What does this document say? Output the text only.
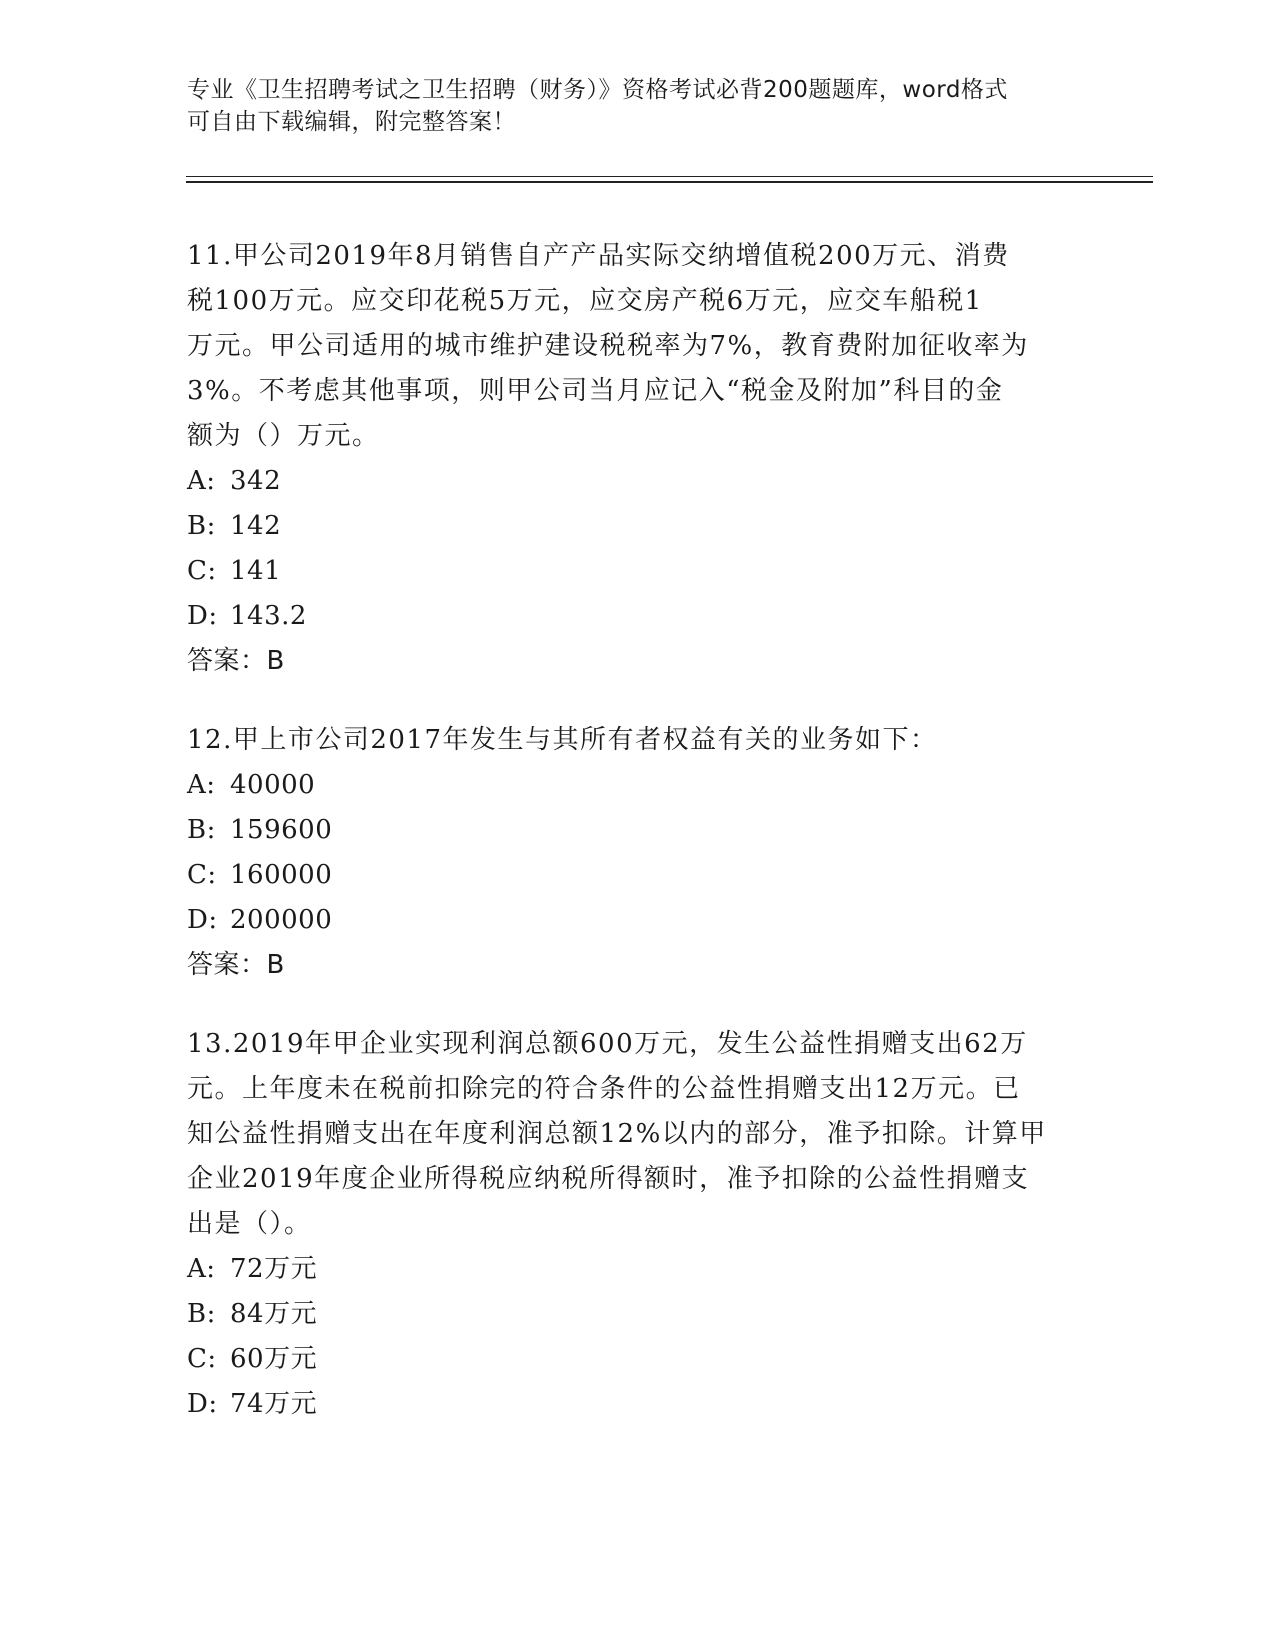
专业《卫生招聘考试之卫生招聘（财务）》资格考试必背200题题库，word格式
可自由下载编辑，附完整答案！

11.甲公司2019年8月销售自产产品实际交纳增值税200万元、消费

税100万元。应交印花税5万元，应交房产税6万元，应交车船税1

万元。甲公司适用的城市维护建设税税率为7%，教育费附加征收率为

3%。不考虑其他事项，则甲公司当月应记入“税金及附加”科目的金

额为（）万元。

A: 342

B: 142

C: 141

D: 143.2

答案：B

12.甲上市公司2017年发生与其所有者权益有关的业务如下：

A: 40000

B: 159600

C: 160000

D: 200000

答案：B

13.2019年甲企业实现利润总额600万元，发生公益性捐赠支出62万

元。上年度未在税前扣除完的符合条件的公益性捐赠支出12万元。已

知公益性捐赠支出在年度利润总额12%以内的部分，准予扣除。计算甲

企业2019年度企业所得税应纳税所得额时，准予扣除的公益性捐赠支

出是（）。

A: 72万元

B: 84万元

C: 60万元

D: 74万元
